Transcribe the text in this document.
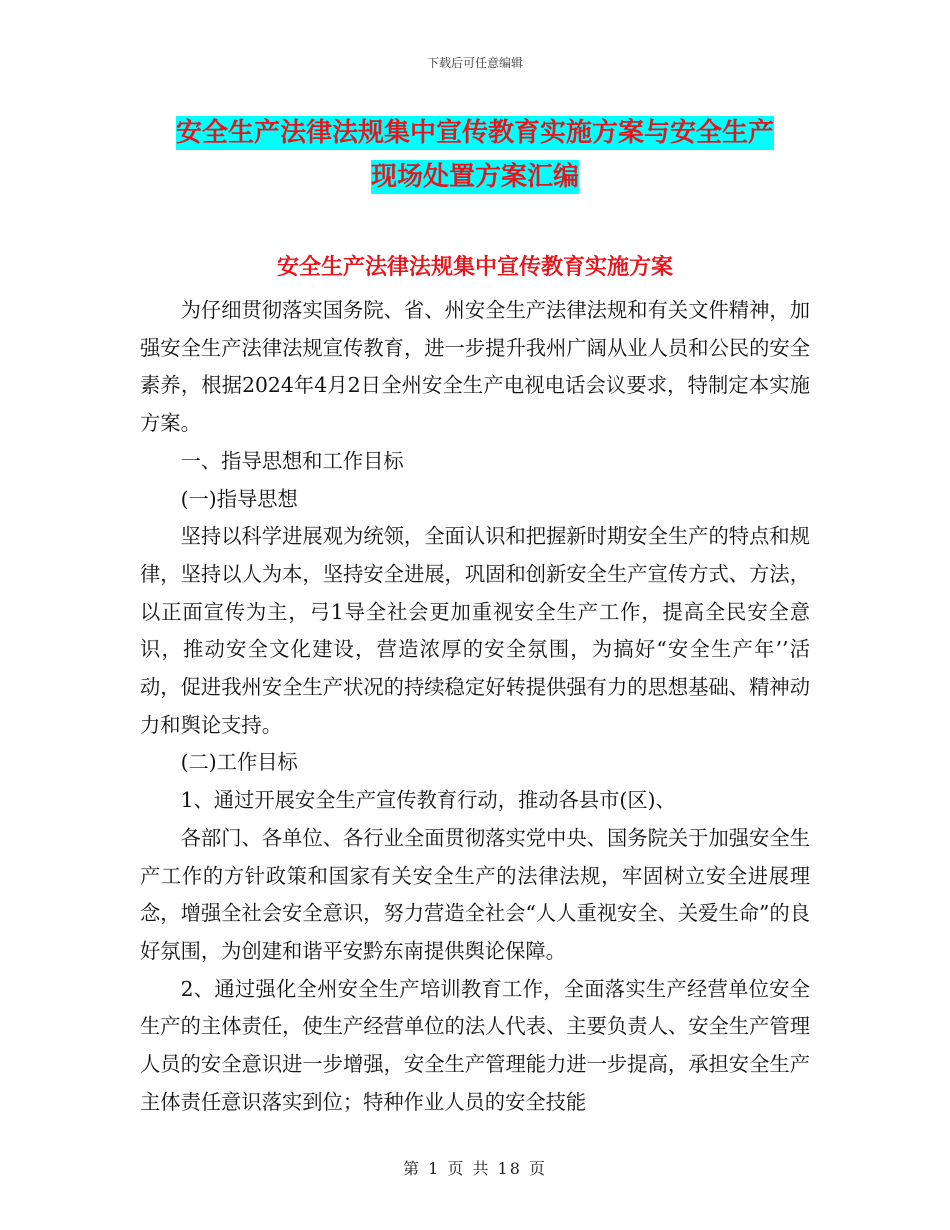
下载后可任意编辑
安全生产法律法规集中宣传教育实施方案与安全生产
现场处置方案汇编
安全生产法律法规集中宣传教育实施方案

为仔细贯彻落实国务院、省、州安全生产法律法规和有关文件精神，加强安全生产法律法规宣传教育，进一步提升我州广阔从业人员和公民的安全素养，根据2024年4月2日全州安全生产电视电话会议要求，特制定本实施方案。

一、指导思想和工作目标

(一)指导思想

坚持以科学进展观为统领，全面认识和把握新时期安全生产的特点和规律，坚持以人为本，坚持安全进展，巩固和创新安全生产宣传方式、方法，以正面宣传为主，弓1导全社会更加重视安全生产工作，提高全民安全意识，推动安全文化建设，营造浓厚的安全氛围，为搞好“安全生产年’’活动，促进我州安全生产状况的持续稳定好转提供强有力的思想基础、精神动力和舆论支持。

(二)工作目标

1、通过开展安全生产宣传教育行动，推动各县市(区)、

各部门、各单位、各行业全面贯彻落实党中央、国务院关于加强安全生产工作的方针政策和国家有关安全生产的法律法规，牢固树立安全进展理念，增强全社会安全意识，努力营造全社会“人人重视安全、关爱生命”的良好氛围，为创建和谐平安黔东南提供舆论保障。

2、通过强化全州安全生产培训教育工作，全面落实生产经营单位安全生产的主体责任，使生产经营单位的法人代表、主要负责人、安全生产管理人员的安全意识进一步增强，安全生产管理能力进一步提高，承担安全生产主体责任意识落实到位；特种作业人员的安全技能

第 1 页 共 18 页
